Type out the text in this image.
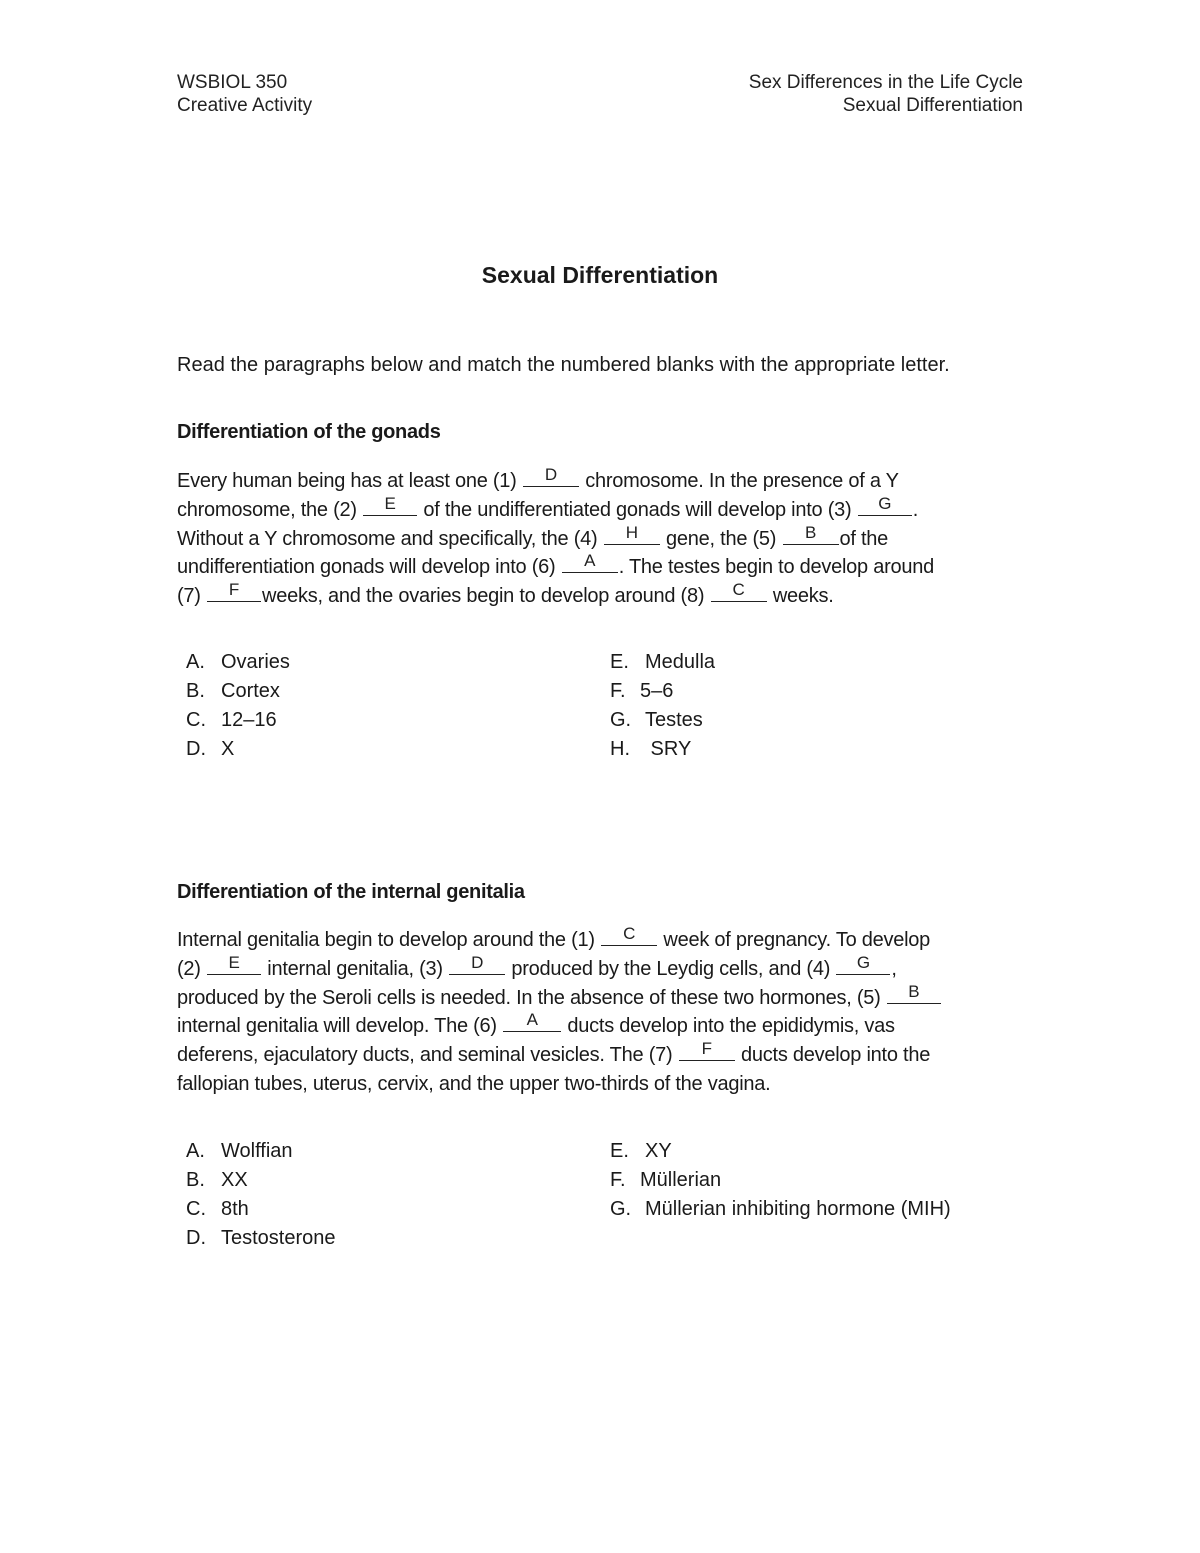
WSBIOL 350
Creative Activity
Sex Differences in the Life Cycle
Sexual Differentiation
Sexual Differentiation
Read the paragraphs below and match the numbered blanks with the appropriate letter.
Differentiation of the gonads
Every human being has at least one (1)	D	chromosome. In the presence of a Y
chromosome, the (2)	E	of the undifferentiated gonads will develop into (3)	G	.
Without a Y chromosome and specifically, the (4)	H	gene, the (5)	B	of the
undifferentiation gonads will develop into (6)	A	. The testes begin to develop around
(7)	F	weeks, and the ovaries begin to develop around (8)	C	weeks.
A. Ovaries
B. Cortex
C. 12–16
D. X
E. Medulla
F. 5–6
G. Testes
H. SRY
Differentiation of the internal genitalia
Internal genitalia begin to develop around the (1)	C	week of pregnancy. To develop
(2)	E	internal genitalia, (3)	D	produced by the Leydig cells, and (4)	G	,
produced by the Seroli cells is needed. In the absence of these two hormones, (5)	B
internal genitalia will develop. The (6)	A	ducts develop into the epididymis, vas
deferens, ejaculatory ducts, and seminal vesicles. The (7)	F	ducts develop into the
fallopian tubes, uterus, cervix, and the upper two-thirds of the vagina.
A. Wolffian
B. XX
C. 8th
D. Testosterone
E. XY
F. Müllerian
G. Müllerian inhibiting hormone (MIH)
